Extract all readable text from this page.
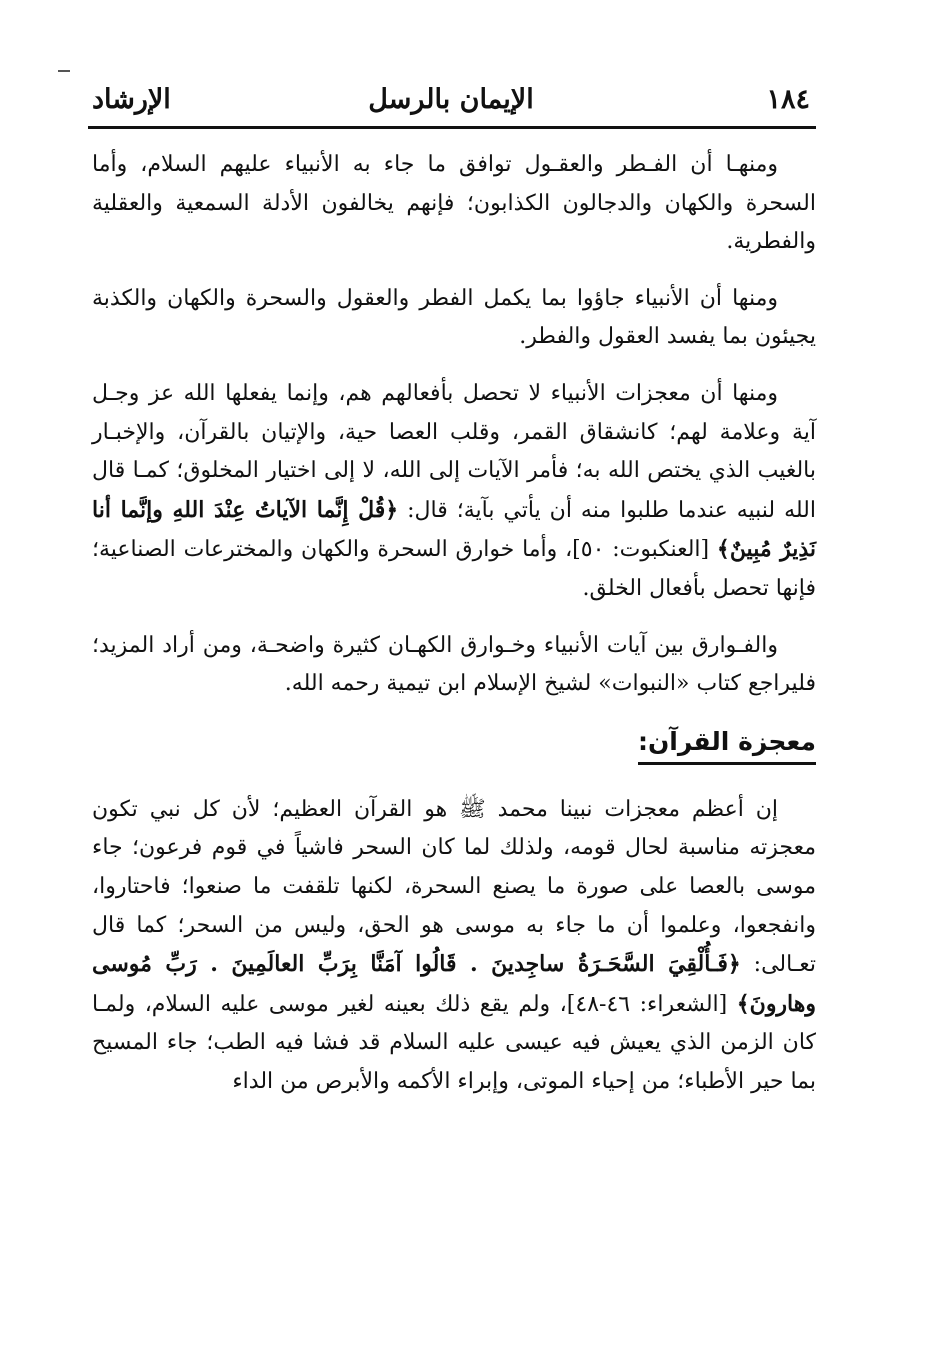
١٨٤
الإيمان بالرسل
الإرشاد

ومنهـا أن الفـطر والعقـول توافق ما جاء به الأنبياء عليهم السلام، وأما السحرة والكهان والدجالون الكذابون؛ فإنهم يخالفون الأدلة السمعية والعقلية والفطرية.

ومنها أن الأنبياء جاؤوا بما يكمل الفطر والعقول والسحرة والكهان والكذبة يجيئون بما يفسد العقول والفطر.

ومنها أن معجزات الأنبياء لا تحصل بأفعالهم هم، وإنما يفعلها الله عز وجـل آية وعلامة لهم؛ كانشقاق القمر، وقلب العصا حية، والإتيان بالقرآن، والإخبـار بالغيب الذي يختص الله به؛ فأمر الآيات إلى الله، لا إلى اختيار المخلوق؛ كمـا قال الله لنبيه عندما طلبوا منه أن يأتي بآية؛ قال: ﴿قُلْ إِنَّما الآياتُ عِنْدَ اللهِ وإنَّما أنا نَذِيرٌ مُبِينٌ﴾ [العنكبوت: ٥٠]، وأما خوارق السحرة والكهان والمخترعات الصناعية؛ فإنها تحصل بأفعال الخلق.

والفـوارق بين آيات الأنبياء وخـوارق الكهـان كثيرة واضحـة، ومن أراد المزيد؛ فليراجع كتاب «النبوات» لشيخ الإسلام ابن تيمية رحمه الله.

معجزة القرآن:

إن أعظم معجزات نبينا محمد ﷺ هو القرآن العظيم؛ لأن كل نبي تكون معجزته مناسبة لحال قومه، ولذلك لما كان السحر فاشياً في قوم فرعون؛ جاء موسى بالعصا على صورة ما يصنع السحرة، لكنها تلقفت ما صنعوا؛ فاحتاروا، وانفجعوا، وعلموا أن ما جاء به موسى هو الحق، وليس من السحر؛ كما قال تعـالى: ﴿فَـأُلْقِيَ السَّحَـرَةُ ساجِدينَ . قَالُوا آمَنَّا بِرَبِّ العالَمِينَ . رَبِّ مُوسى وهارونَ﴾ [الشعراء: ٤٦-٤٨]، ولم يقع ذلك بعينه لغير موسى عليه السلام، ولمـا كان الزمن الذي يعيش فيه عيسى عليه السلام قد فشا فيه الطب؛ جاء المسيح بما حير الأطباء؛ من إحياء الموتى، وإبراء الأكمه والأبرص من الداء
